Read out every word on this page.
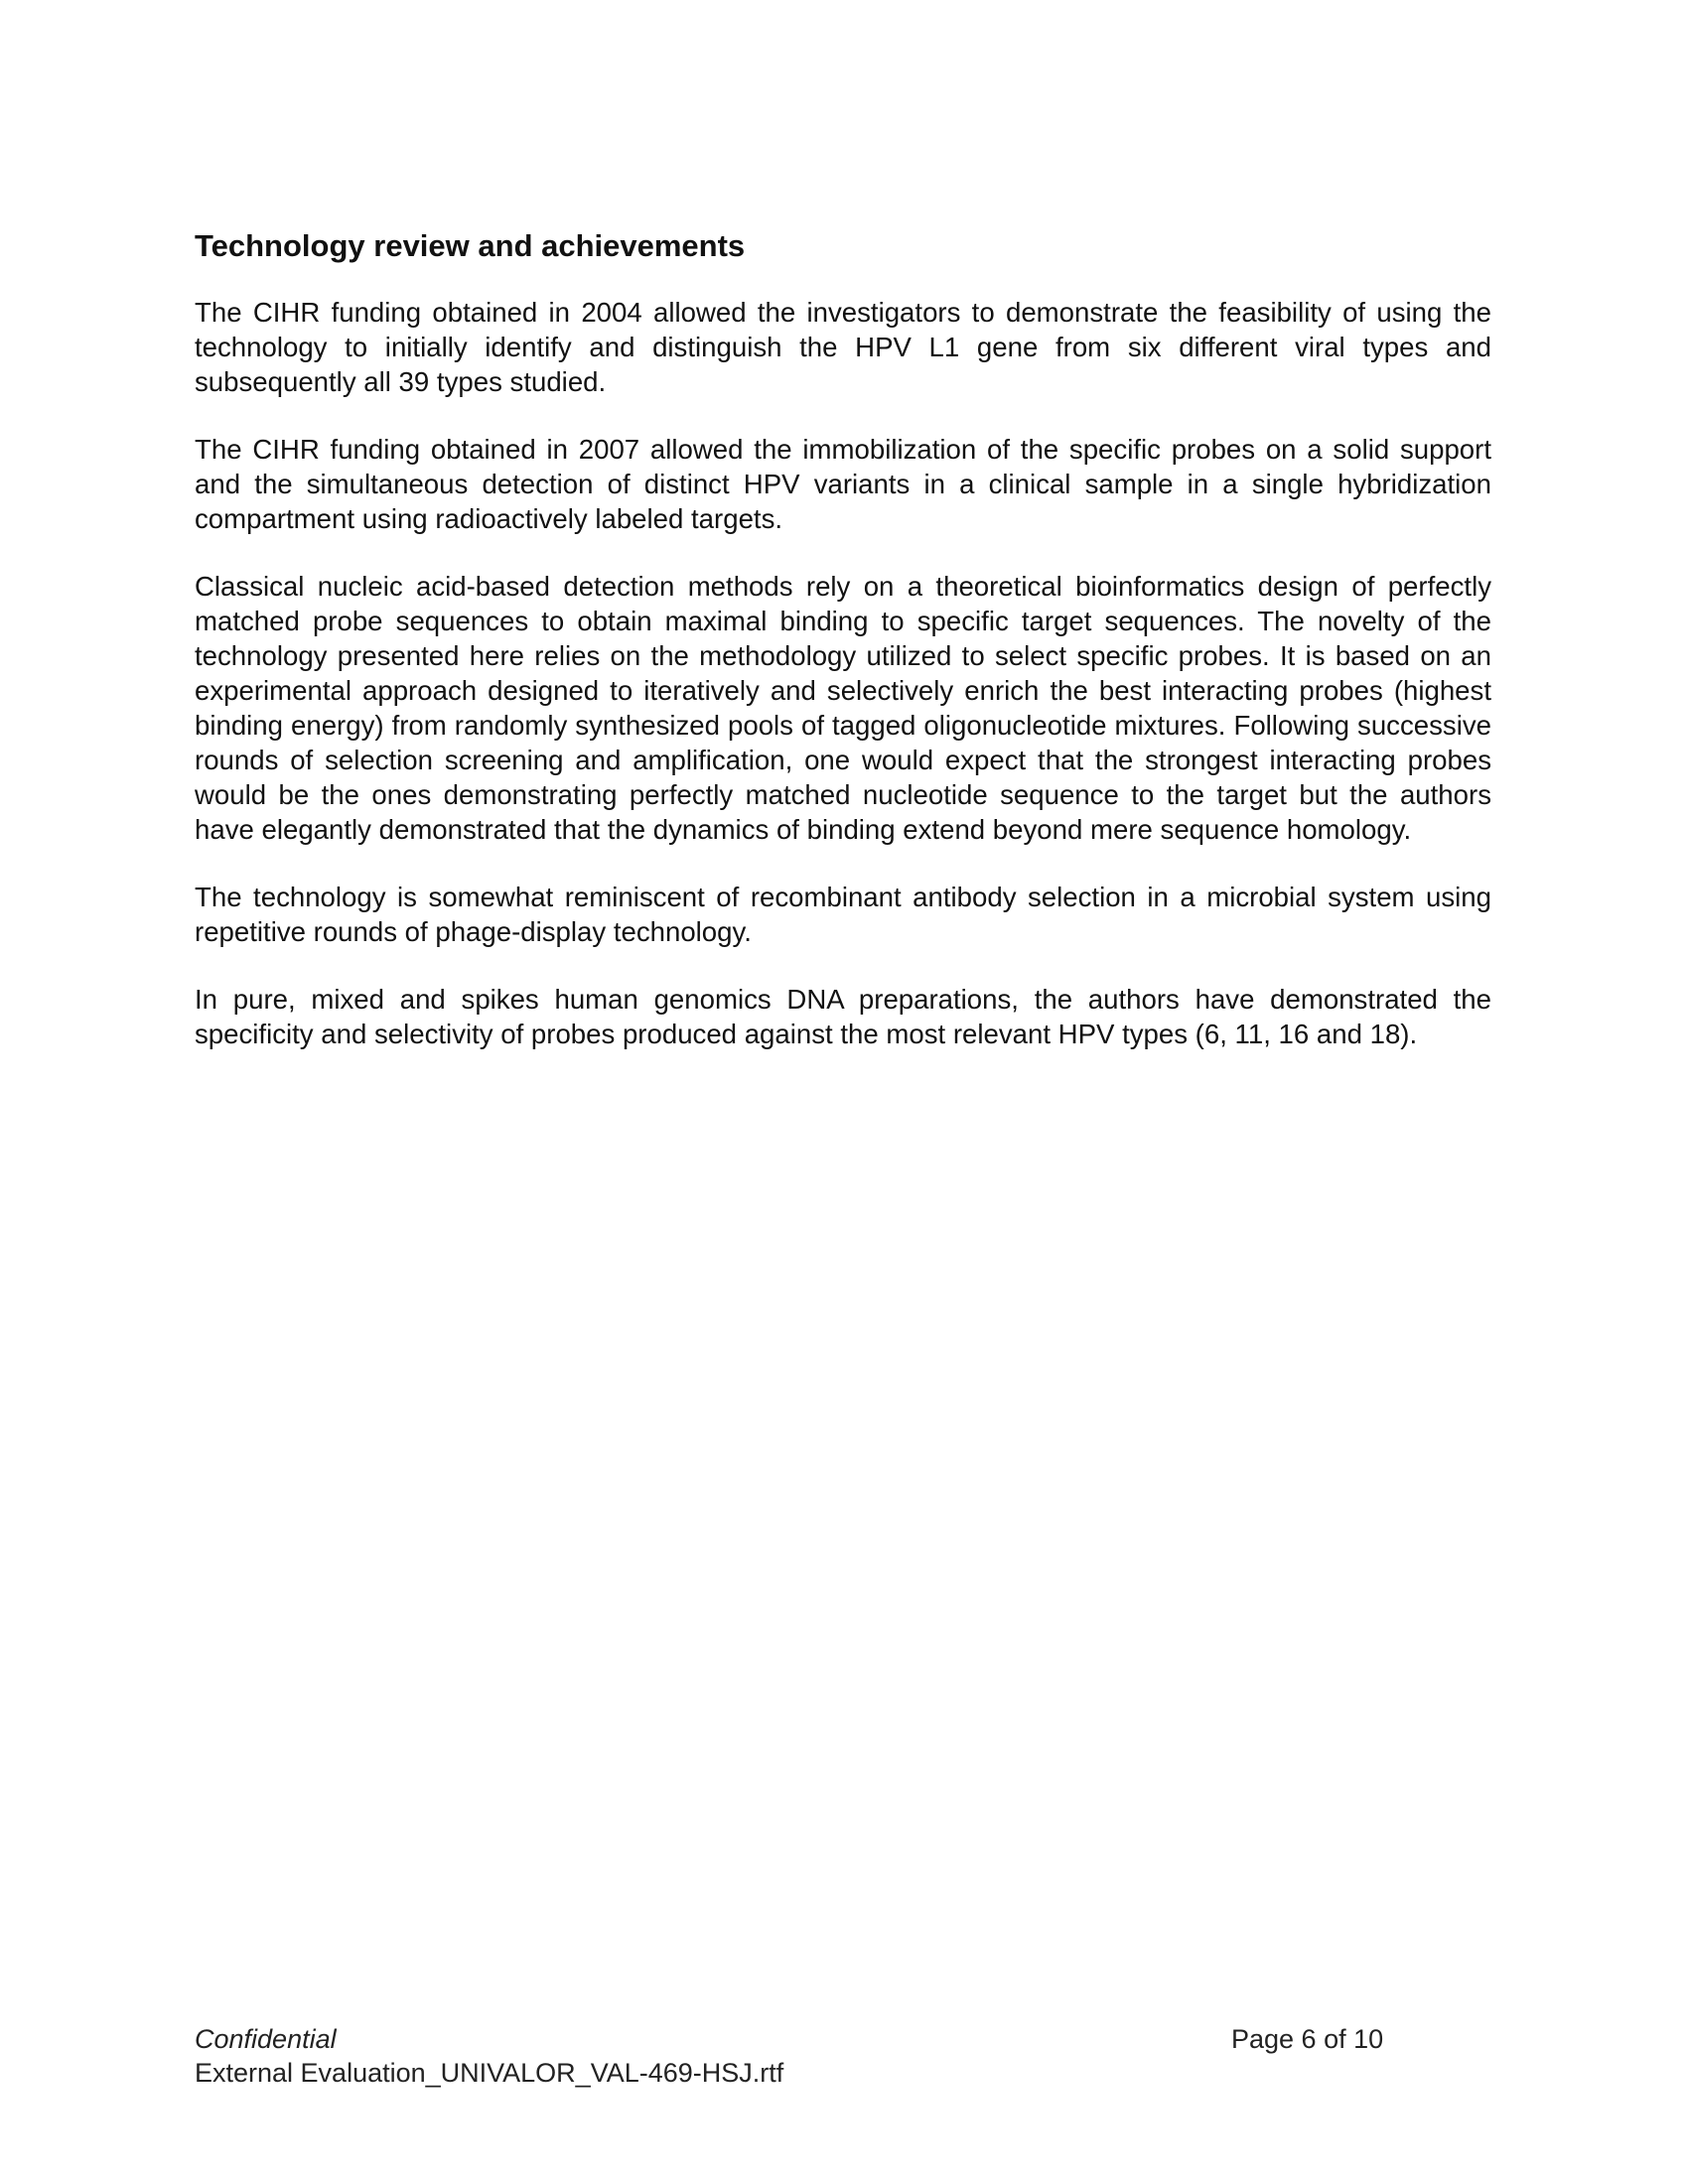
Technology review and achievements

The CIHR funding obtained in 2004 allowed the investigators to demonstrate the feasibility of using the technology to initially identify and distinguish the HPV L1 gene from six different viral types and subsequently all 39 types studied.

The CIHR funding obtained in 2007 allowed the immobilization of the specific probes on a solid support and the simultaneous detection of distinct HPV variants in a clinical sample in a single hybridization compartment using radioactively labeled targets.

Classical nucleic acid-based detection methods rely on a theoretical bioinformatics design of perfectly matched probe sequences to obtain maximal binding to specific target sequences. The novelty of the technology presented here relies on the methodology utilized to select specific probes. It is based on an experimental approach designed to iteratively and selectively enrich the best interacting probes (highest binding energy) from randomly synthesized pools of tagged oligonucleotide mixtures. Following successive rounds of selection screening and amplification, one would expect that the strongest interacting probes would be the ones demonstrating perfectly matched nucleotide sequence to the target but the authors have elegantly demonstrated that the dynamics of binding extend beyond mere sequence homology.

The technology is somewhat reminiscent of recombinant antibody selection in a microbial system using repetitive rounds of phage-display technology.

In pure, mixed and spikes human genomics DNA preparations, the authors have demonstrated the specificity and selectivity of probes produced against the most relevant HPV types (6, 11, 16 and 18).

Confidential
External Evaluation_UNIVALOR_VAL-469-HSJ.rtf
Page 6 of 10
